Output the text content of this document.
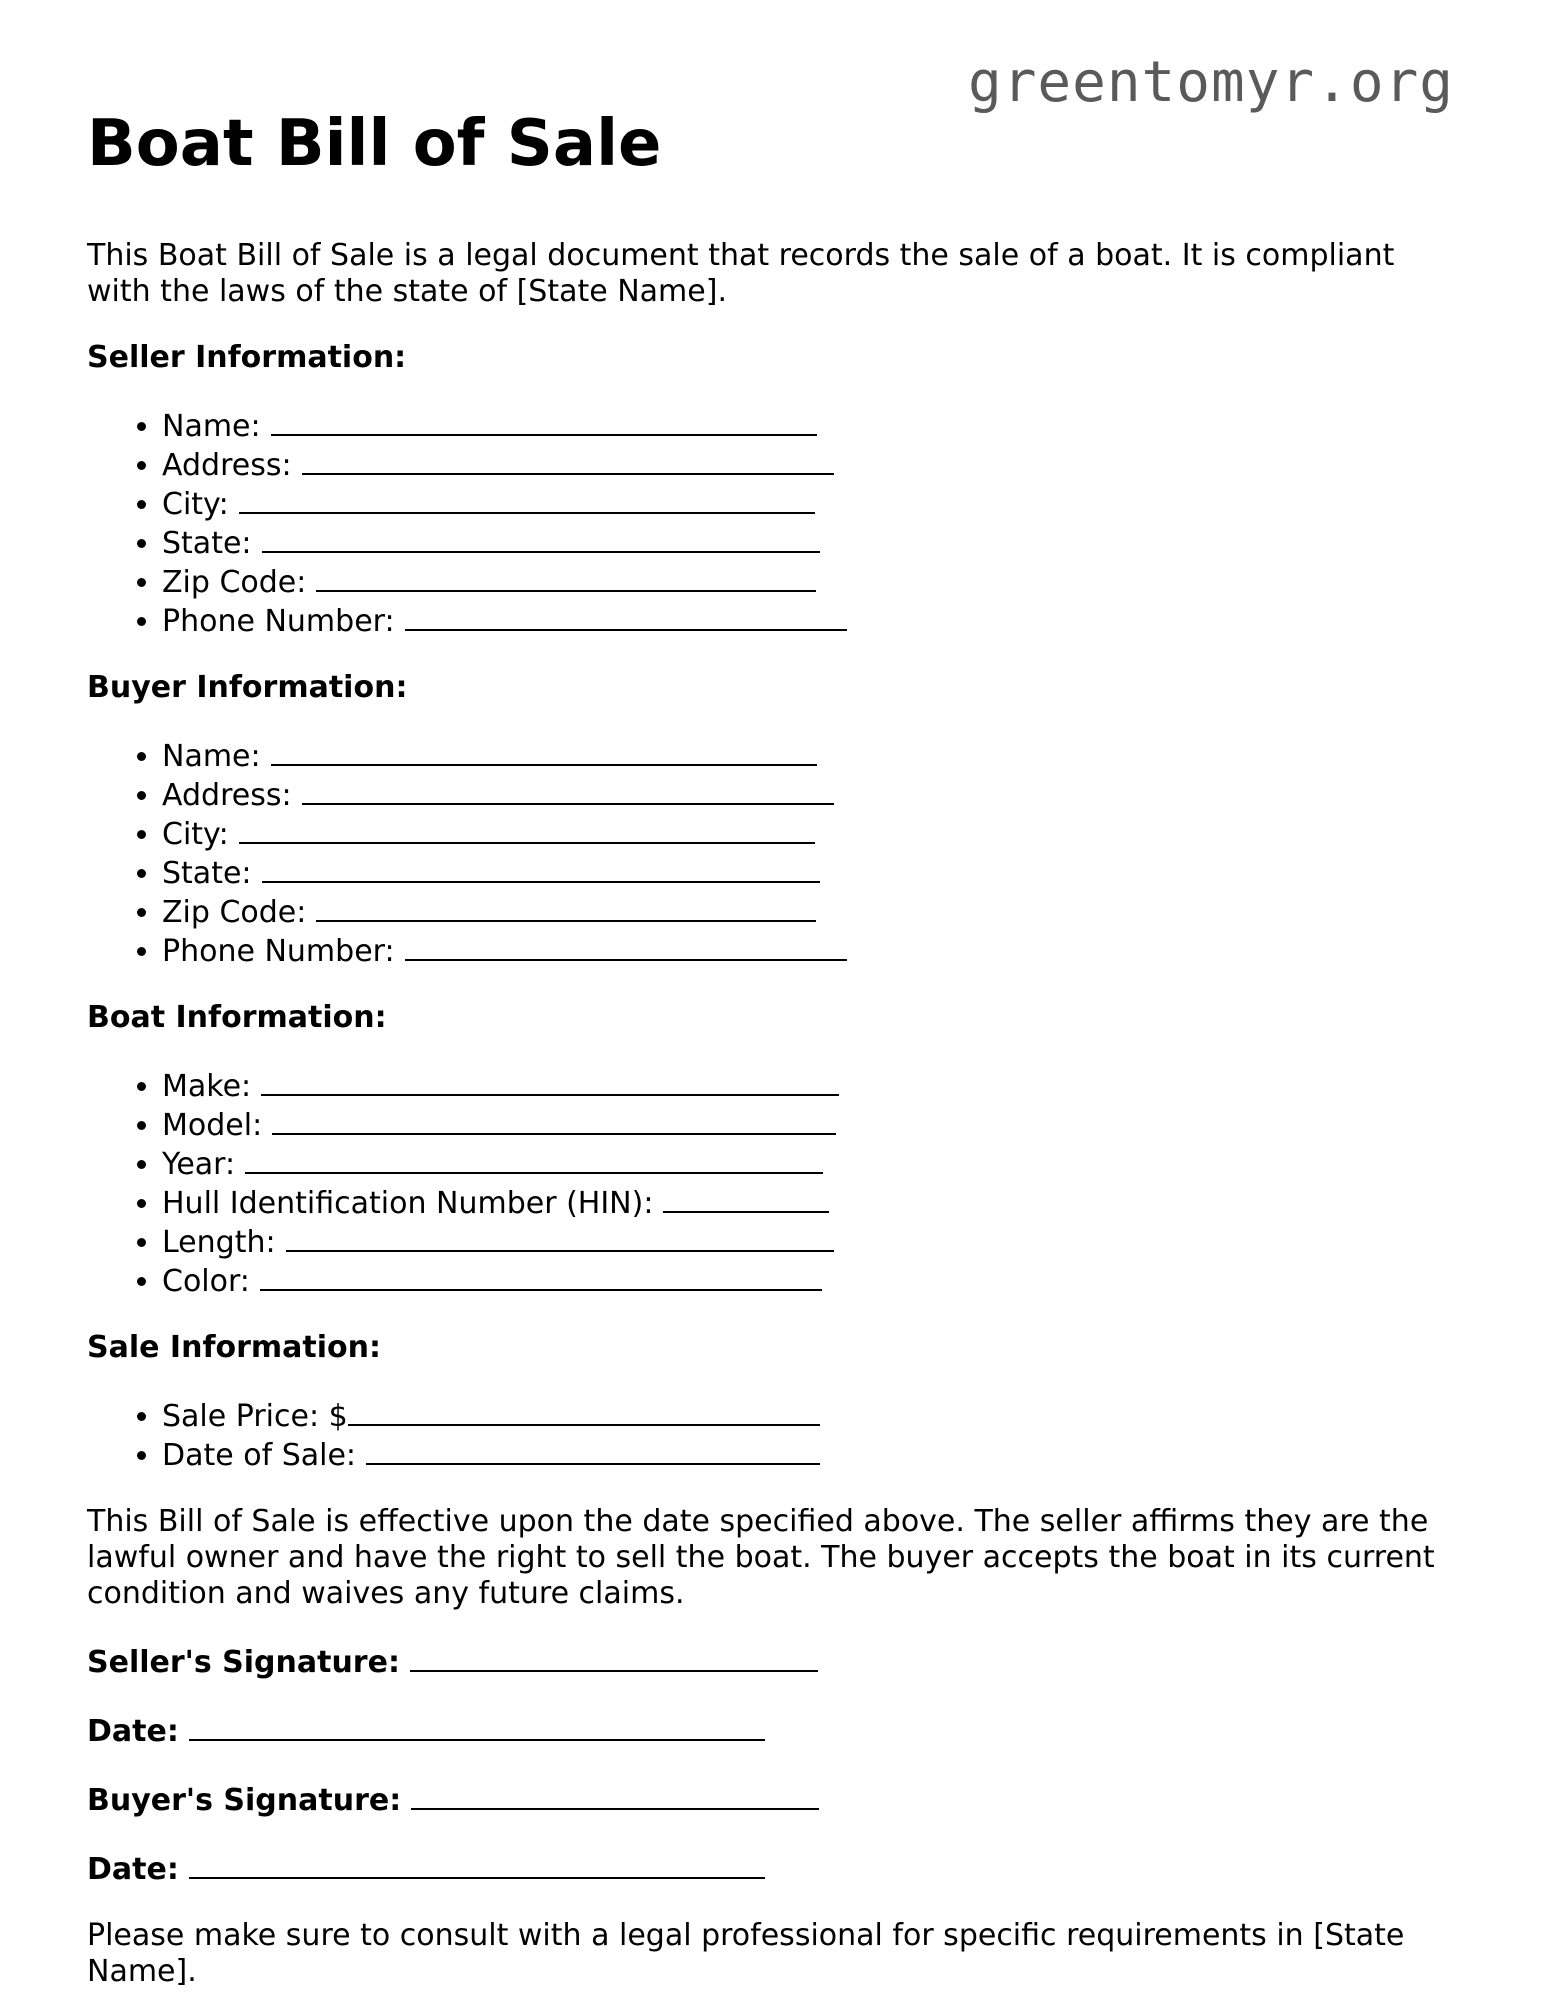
greentomyr.org
Boat Bill of Sale

This Boat Bill of Sale is a legal document that records the sale of a boat. It is compliant with the laws of the state of [State Name].

Seller Information:
• Name:
• Address:
• City:
• State:
• Zip Code:
• Phone Number:
Buyer Information:
• Name:
• Address:
• City:
• State:
• Zip Code:
• Phone Number:
Boat Information:
• Make:
• Model:
• Year:
• Hull Identification Number (HIN):
• Length:
• Color:
Sale Information:
• Sale Price: $
• Date of Sale:

This Bill of Sale is effective upon the date specified above. The seller affirms they are the lawful owner and have the right to sell the boat. The buyer accepts the boat in its current condition and waives any future claims.

Seller's Signature:
Date:
Buyer's Signature:
Date:

Please make sure to consult with a legal professional for specific requirements in [State Name].
